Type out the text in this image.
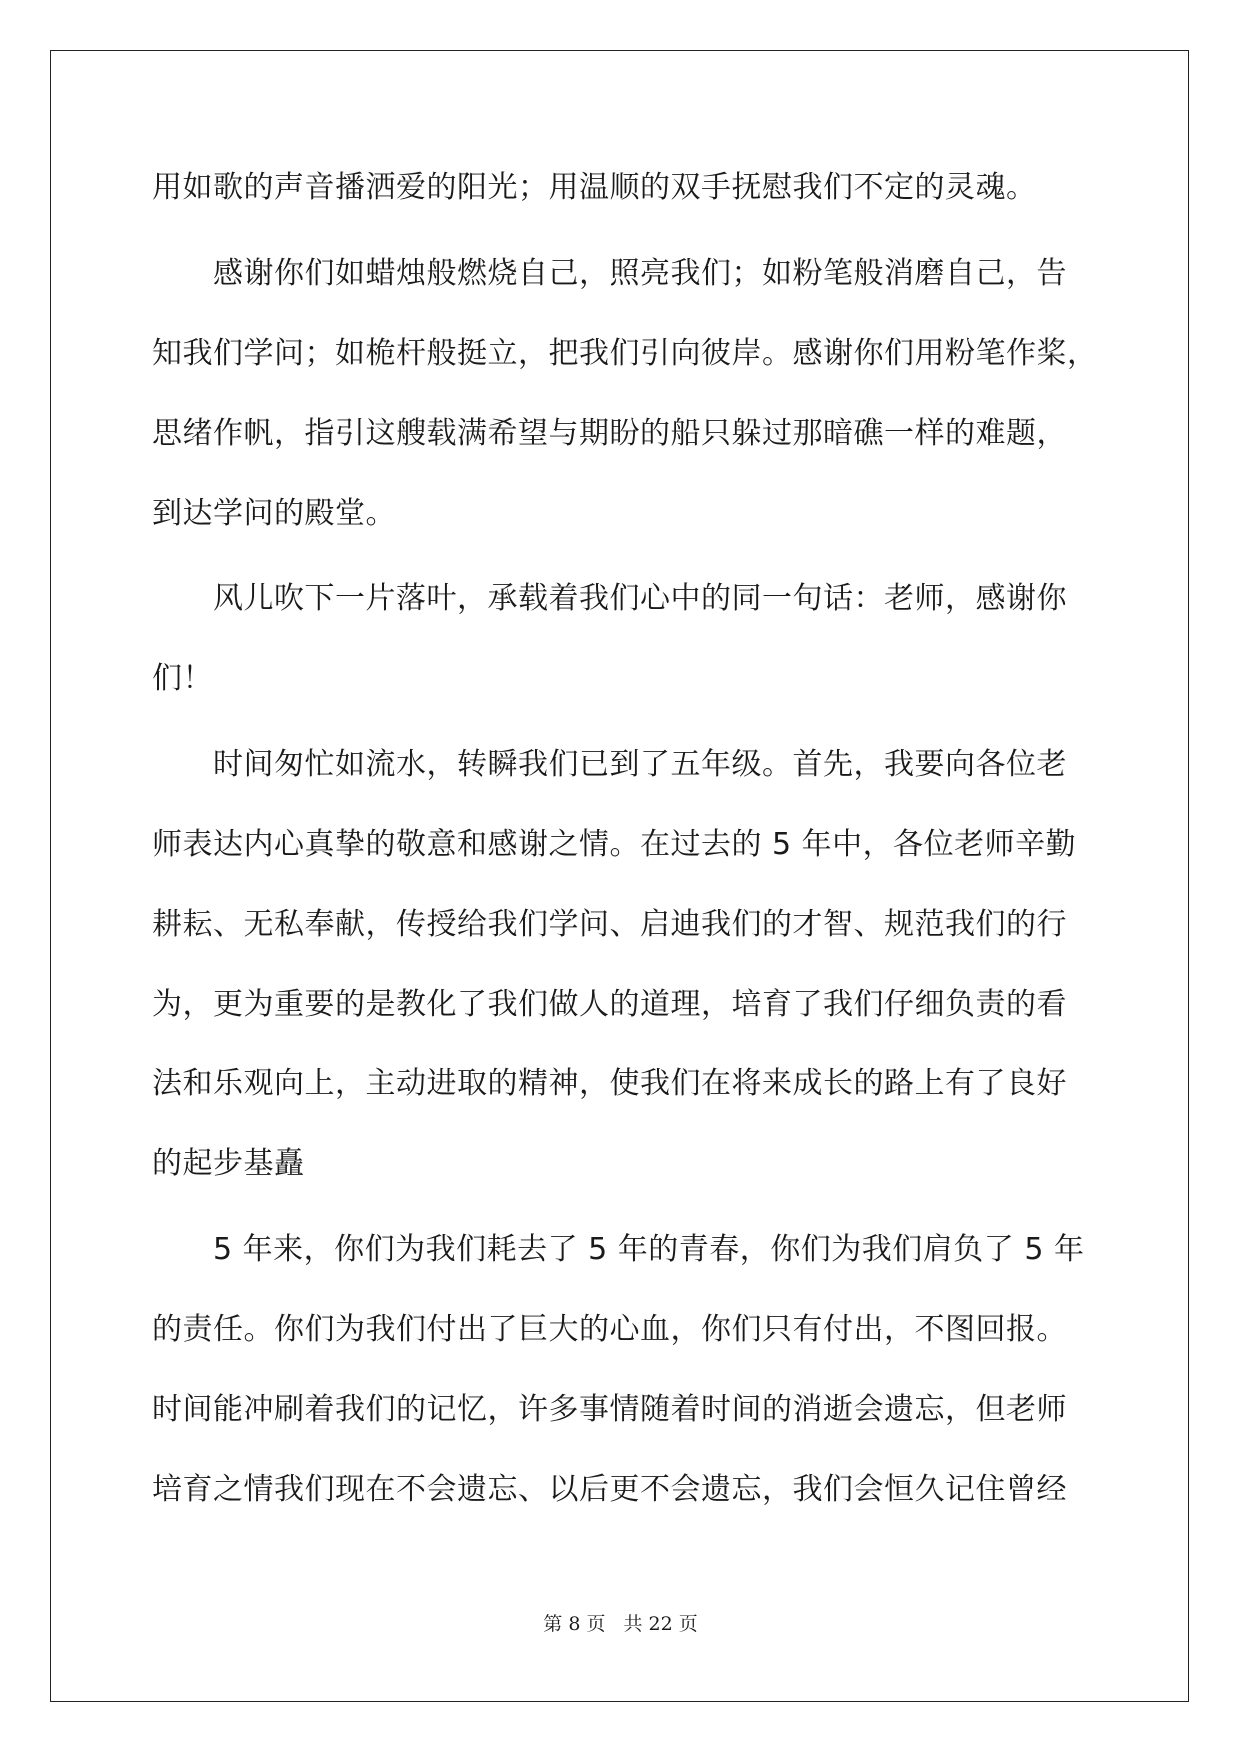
用如歌的声音播洒爱的阳光；用温顺的双手抚慰我们不定的灵魂。
感谢你们如蜡烛般燃烧自己，照亮我们；如粉笔般消磨自己，告
知我们学问；如桅杆般挺立，把我们引向彼岸。感谢你们用粉笔作桨，
思绪作帆，指引这艘载满希望与期盼的船只躲过那暗礁一样的难题，
到达学问的殿堂。
风儿吹下一片落叶，承载着我们心中的同一句话：老师，感谢你
们！
时间匆忙如流水，转瞬我们已到了五年级。首先，我要向各位老
师表达内心真挚的敬意和感谢之情。在过去的 5 年中，各位老师辛勤
耕耘、无私奉献，传授给我们学问、启迪我们的才智、规范我们的行
为，更为重要的是教化了我们做人的道理，培育了我们仔细负责的看
法和乐观向上，主动进取的精神，使我们在将来成长的路上有了良好
的起步基矗
5 年来，你们为我们耗去了 5 年的青春，你们为我们肩负了 5 年
的责任。你们为我们付出了巨大的心血，你们只有付出，不图回报。
时间能冲刷着我们的记忆，许多事情随着时间的消逝会遗忘，但老师
培育之情我们现在不会遗忘、以后更不会遗忘，我们会恒久记住曾经
第 8 页 共 22 页
